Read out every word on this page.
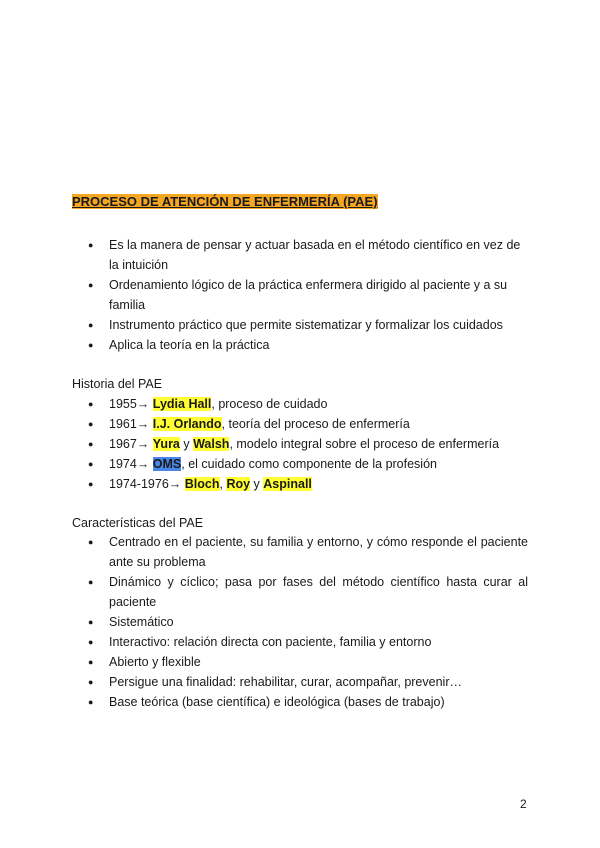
PROCESO DE ATENCIÓN DE ENFERMERÍA (PAE)
● Es la manera de pensar y actuar basada en el método científico en vez de la intuición
● Ordenamiento lógico de la práctica enfermera dirigido al paciente y a su familia
● Instrumento práctico que permite sistematizar y formalizar los cuidados
● Aplica la teoría en la práctica
Historia del PAE
● 1955→ Lydia Hall, proceso de cuidado
● 1961→ I.J. Orlando, teoría del proceso de enfermería
● 1967→ Yura y Walsh, modelo integral sobre el proceso de enfermería
● 1974→ OMS, el cuidado como componente de la profesión
● 1974-1976→ Bloch, Roy y Aspinall
Características del PAE
● Centrado en el paciente, su familia y entorno, y cómo responde el paciente ante su problema
● Dinámico y cíclico; pasa por fases del método científico hasta curar al paciente
● Sistemático
● Interactivo: relación directa con paciente, familia y entorno
● Abierto y flexible
● Persigue una finalidad: rehabilitar, curar, acompañar, prevenir…
● Base teórica (base científica) e ideológica (bases de trabajo)
2
